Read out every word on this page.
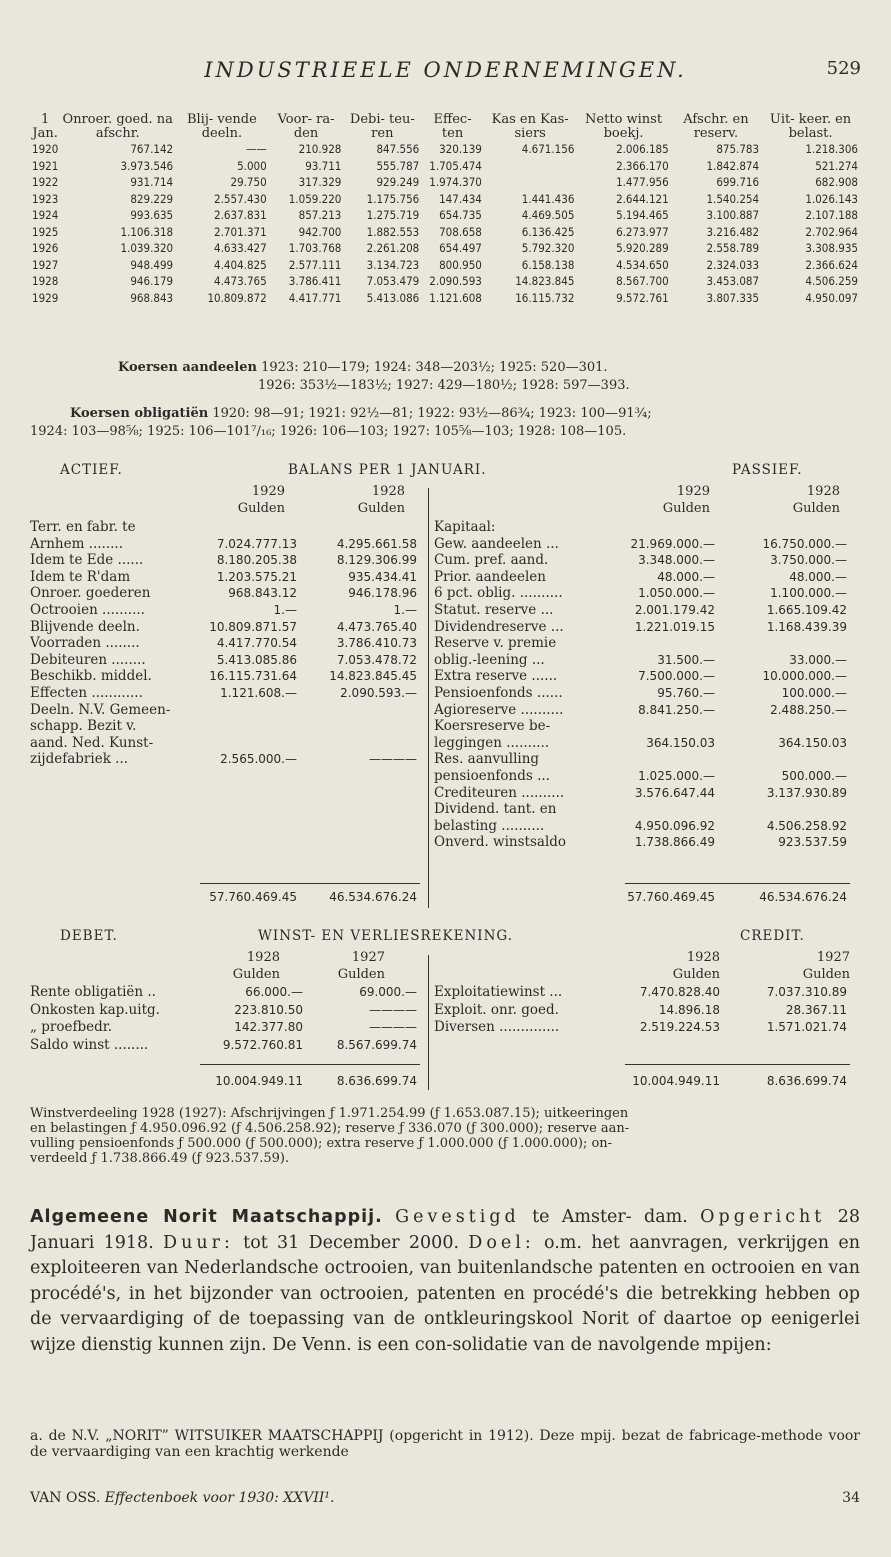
INDUSTRIEELE ONDERNEMINGEN.	529
1
Jan.	Onroer. goed. na afschr.	Blij- vende deeln.	Voor- ra- den	Debi- teu- ren	Effec- ten	Kas en Kas- siers	Netto winst boekj.	Afschr. en reserv.	Uit- keer. en belast.
1920	767.142	——	210.928	847.556	320.139	4.671.156	2.006.185	875.783	1.218.306
1921	3.973.546	5.000	93.711	555.787	1.705.474		2.366.170	1.842.874	521.274
1922	931.714	29.750	317.329	929.249	1.974.370		1.477.956	699.716	682.908
1923	829.229	2.557.430	1.059.220	1.175.756	147.434	1.441.436	2.644.121	1.540.254	1.026.143
1924	993.635	2.637.831	857.213	1.275.719	654.735	4.469.505	5.194.465	3.100.887	2.107.188
1925	1.106.318	2.701.371	942.700	1.882.553	708.658	6.136.425	6.273.977	3.216.482	2.702.964
1926	1.039.320	4.633.427	1.703.768	2.261.208	654.497	5.792.320	5.920.289	2.558.789	3.308.935
1927	948.499	4.404.825	2.577.111	3.134.723	800.950	6.158.138	4.534.650	2.324.033	2.366.624
1928	946.179	4.473.765	3.786.411	7.053.479	2.090.593	14.823.845	8.567.700	3.453.087	4.506.259
1929	968.843	10.809.872	4.417.771	5.413.086	1.121.608	16.115.732	9.572.761	3.807.335	4.950.097
Koersen aandeelen 1923: 210—179; 1924: 348—203½; 1925: 520—301.
1926: 353½—183½; 1927: 429—180½; 1928: 597—393.
Koersen obligatiën 1920: 98—91; 1921: 92½—81; 1922: 93½—86¾; 1923: 100—91¾;
1924: 103—98⅝; 1925: 106—101⁷/₁₆; 1926: 106—103; 1927: 105⅝—103; 1928: 108—105.
ACTIEF.	BALANS PER 1 JANUARI.	PASSIEF.
1929	1928
Gulden	Gulden
1929	1928
Gulden	Gulden
Terr. en fabr. te
Arnhem ........	7.024.777.13	4.295.661.58
Idem te Ede ......	8.180.205.38	8.129.306.99
Idem te R'dam	1.203.575.21	935.434.41
Onroer. goederen	968.843.12	946.178.96
Octrooien ..........	1.—	1.—
Blijvende deeln.	10.809.871.57	4.473.765.40
Voorraden ........	4.417.770.54	3.786.410.73
Debiteuren ........	5.413.085.86	7.053.478.72
Beschikb. middel.	16.115.731.64	14.823.845.45
Effecten ............	1.121.608.—	2.090.593.—
Deeln. N.V. Gemeen-
schapp. Bezit v.
aand. Ned. Kunst-
zijdefabriek ...	2.565.000.—	————
Kapitaal:
Gew. aandeelen ...	21.969.000.—	16.750.000.—
Cum. pref. aand.	3.348.000.—	3.750.000.—
Prior. aandeelen	48.000.—	48.000.—
6 pct. oblig. ..........	1.050.000.—	1.100.000.—
Statut. reserve ...	2.001.179.42	1.665.109.42
Dividendreserve ...	1.221.019.15	1.168.439.39
Reserve v. premie
oblig.-leening ...	31.500.—	33.000.—
Extra reserve ......	7.500.000.—	10.000.000.—
Pensioenfonds ......	95.760.—	100.000.—
Agioreserve ..........	8.841.250.—	2.488.250.—
Koersreserve be-
leggingen ..........	364.150.03	364.150.03
Res. aanvulling
pensioenfonds ...	1.025.000.—	500.000.—
Crediteuren ..........	3.576.647.44	3.137.930.89
Dividend. tant. en
belasting ..........	4.950.096.92	4.506.258.92
Onverd. winstsaldo	1.738.866.49	923.537.59
57.760.469.45	46.534.676.24	57.760.469.45	46.534.676.24
DEBET.	WINST- EN VERLIESREKENING.	CREDIT.
1928	1927
Gulden	Gulden
1928	1927
Gulden	Gulden
Rente obligatiën ..	66.000.—	69.000.—
Onkosten kap.uitg.	223.810.50	————
„ proefbedr.	142.377.80	————
Saldo winst ........	9.572.760.81	8.567.699.74
Exploitatiewinst ...	7.470.828.40	7.037.310.89
Exploit. onr. goed.	14.896.18	28.367.11
Diversen ..............	2.519.224.53	1.571.021.74
10.004.949.11	8.636.699.74	10.004.949.11	8.636.699.74
Winstverdeeling 1928 (1927): Afschrijvingen ƒ 1.971.254.99 (ƒ 1.653.087.15); uitkeeringen
en belastingen ƒ 4.950.096.92 (ƒ 4.506.258.92); reserve ƒ 336.070 (ƒ 300.000); reserve aan-
vulling pensioenfonds ƒ 500.000 (ƒ 500.000); extra reserve ƒ 1.000.000 (ƒ 1.000.000); on-
verdeeld ƒ 1.738.866.49 (ƒ 923.537.59).
Algemeene Norit Maatschappij. Gevestigd te Amster- dam. Opgericht 28 Januari 1918. Duur: tot 31 December 2000. Doel: o.m. het aanvragen, verkrijgen en exploiteeren van Nederlandsche octrooien, van buitenlandsche patenten en octrooien en van procédé's, in het bijzonder van octrooien, patenten en procédé's die betrekking hebben op de vervaardiging of de toepassing van de ontkleuringskool Norit of daartoe op eenigerlei wijze dienstig kunnen zijn. De Venn. is een con-solidatie van de navolgende mpijen:
a. de N.V. „NORIT” WITSUIKER MAATSCHAPPIJ (opgericht in 1912). Deze mpij. bezat de fabricage-methode voor de vervaardiging van een krachtig werkende
VAN OSS. Effectenboek voor 1930: XXVII¹.	34
